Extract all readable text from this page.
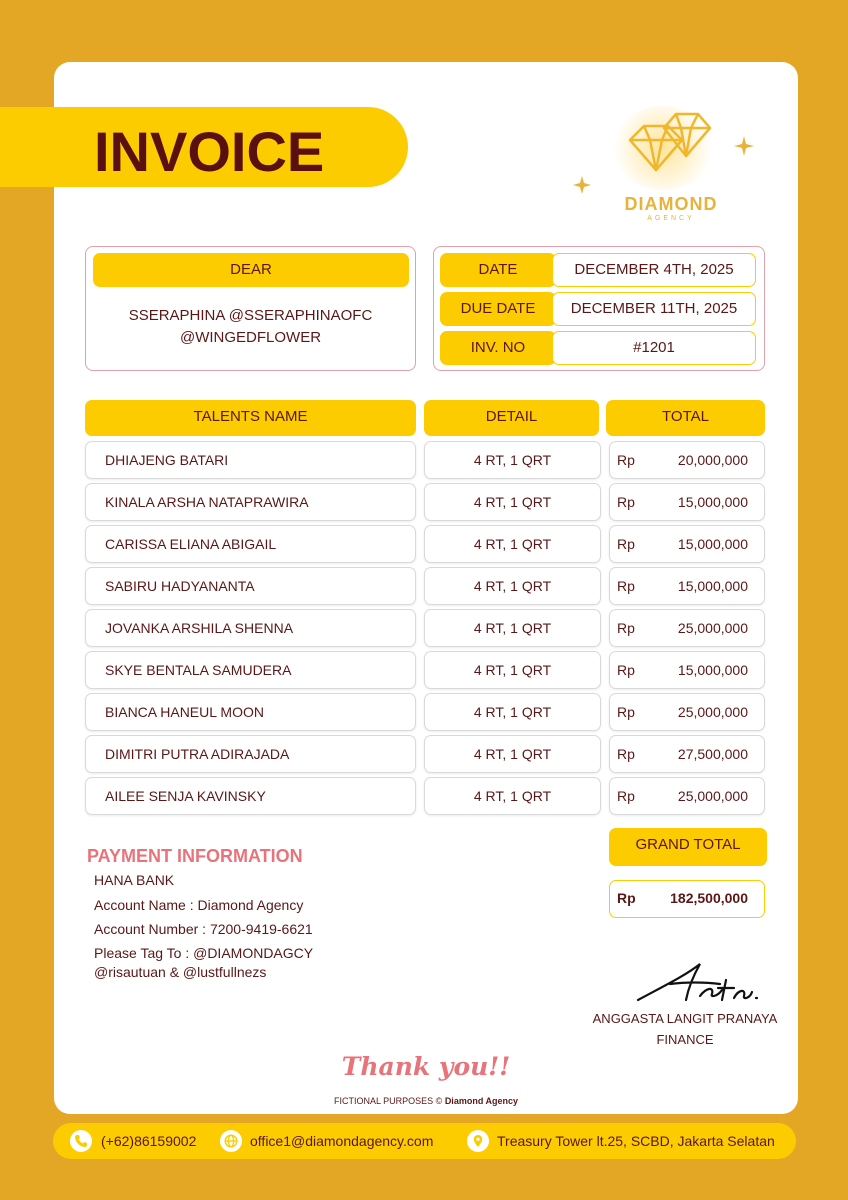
INVOICE
DIAMOND
AGENCY
DEAR
SSERAPHINA @SSERAPHINAOFC
@WINGEDFLOWER
DATE	DECEMBER 4TH, 2025
DUE DATE	DECEMBER 11TH, 2025
INV. NO	#1201
TALENTS NAME	DETAIL	TOTAL
DHIAJENG BATARI	4 RT, 1 QRT	Rp	20,000,000
KINALA ARSHA NATAPRAWIRA	4 RT, 1 QRT	Rp	15,000,000
CARISSA ELIANA ABIGAIL	4 RT, 1 QRT	Rp	15,000,000
SABIRU HADYANANTA	4 RT, 1 QRT	Rp	15,000,000
JOVANKA ARSHILA SHENNA	4 RT, 1 QRT	Rp	25,000,000
SKYE BENTALA SAMUDERA	4 RT, 1 QRT	Rp	15,000,000
BIANCA HANEUL MOON	4 RT, 1 QRT	Rp	25,000,000
DIMITRI PUTRA ADIRAJADA	4 RT, 1 QRT	Rp	27,500,000
AILEE SENJA KAVINSKY	4 RT, 1 QRT	Rp	25,000,000
PAYMENT INFORMATION
HANA BANK
Account Name : Diamond Agency
Account Number : 7200-9419-6621
Please Tag To : @DIAMONDAGCY
@risautuan & @lustfullnezs
GRAND TOTAL
Rp 182,500,000
ANGGASTA LANGIT PRANAYA
FINANCE
Thank you!!
FICTIONAL PURPOSES © Diamond Agency
(+62)86159002	office1@diamondagency.com	Treasury Tower lt.25, SCBD, Jakarta Selatan
